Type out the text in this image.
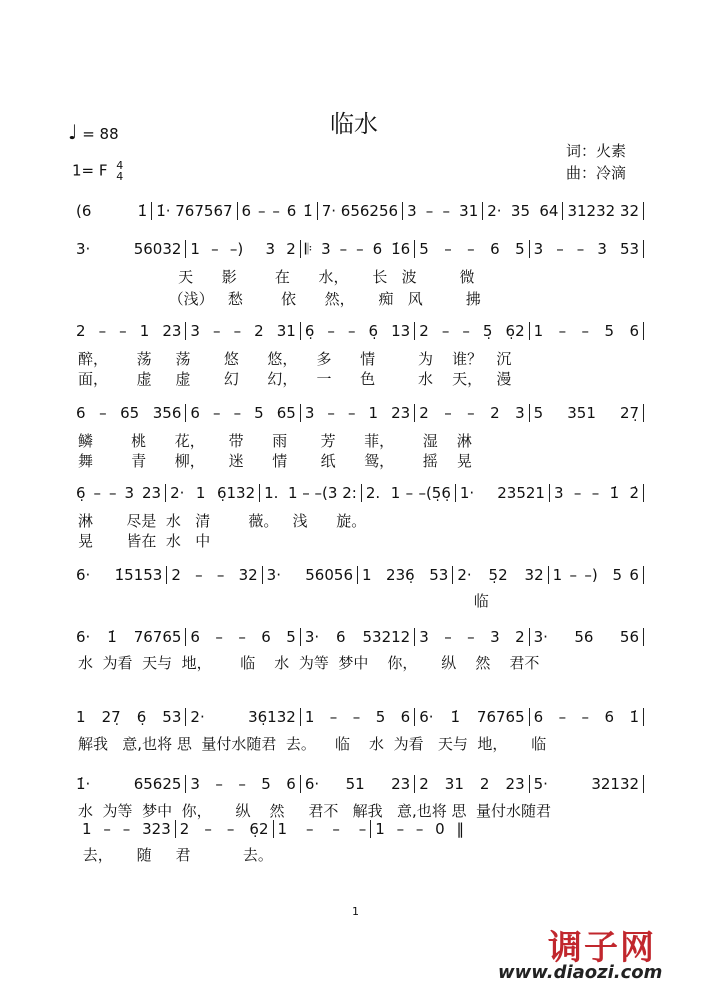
临水
♩ = 88
1= F 4
4
词：火素
曲：冷滴
(6 1̇ 1̇· 767567 6 – – 6 1̇ 7· 656256 3 – – 31 2· 35 64 31232 32
3· 56032 1 – –)  3 2 𝄆 3 – – 6 1̇6 5 – – 6 5 3 – – 3 53
天      影        在      水，     长   波         微
（浅）   愁        依      然，     痴   风         拂
2 – – 1 23 3 – – 2 31 6̣ – – 6̣ 13 2 – – 5̣ 6̣2 1 – – 5 6
醉，      荡     荡       悠      悠，    多      情         为    谁？   沉
面，      虚     虚       幻      幻，    一      色         水    天，   漫
6 – 65 356 6 – – 5 65 3 – – 1 23 2 – – 2 3 5 351 27̣
鳞        桃      花，     带      雨       芳      菲，      湿    淋
舞        青      柳，     迷      情       纸      鸳，      摇    晃
6̣ – – 3 23 2· 1 6̣132 1.  1 – –(3 2: 2.  1 – –(5̣6̣ 1· 23521 3 – – 1̇ 2̇
淋       尽是  水   清        薇。   浅      旋。
晃       皆在  水   中
6· 1̇5153 2 – – 32 3· 56056 1 236̣ 53 2· 5̣2 32 1 – –)  5 6
临
6· 1̇ 76765 6 – – 6 5 3· 6 53212 3 – – 3 2 3· 56 56
水  为看  天与  地，      临    水  为等  梦中    你，     纵    然    君不
1 27̣ 6̣ 53 2· 36̣132 1 – – 5 6 6· 1̇ 76765 6 – – 6 1̇
解我   意,也将 思  量付水随君  去。    临    水  为看   天与  地，     临
1̇· 65625 3 – – 5 6 6· 51 23 2 31 2 23 5· 32132
水  为等  梦中  你，     纵    然     君不   解我   意,也将 思  量付水随君
1 – – 323 2 – – 6̣2 1 – – – 1 – – 0 ‖
去，     随     君           去。
1
调子网
www.diaozi.com
